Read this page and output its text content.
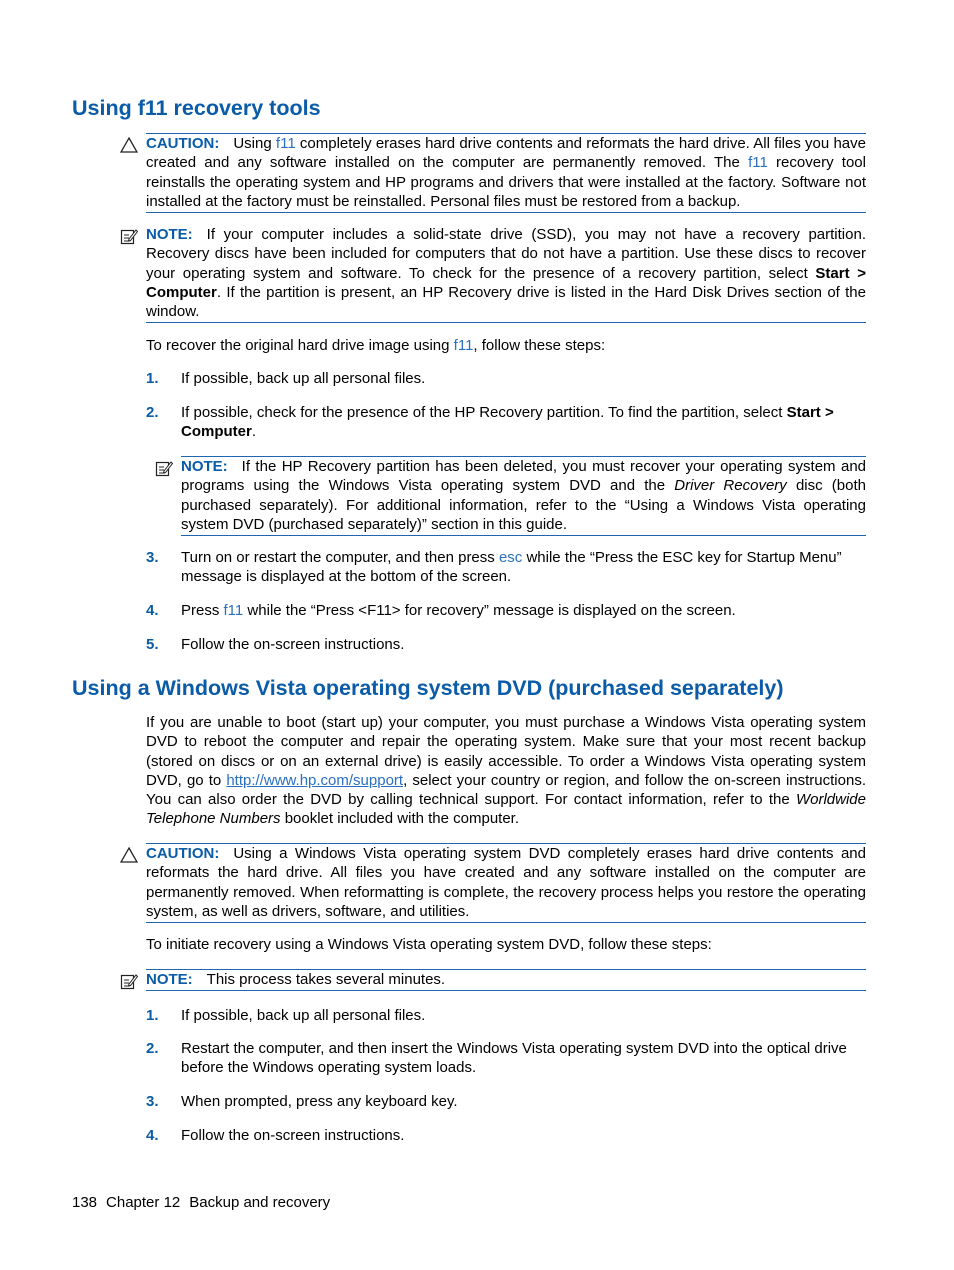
Using f11 recovery tools
CAUTION: Using f11 completely erases hard drive contents and reformats the hard drive. All files you have created and any software installed on the computer are permanently removed. The f11 recovery tool reinstalls the operating system and HP programs and drivers that were installed at the factory. Software not installed at the factory must be reinstalled. Personal files must be restored from a backup.
NOTE: If your computer includes a solid-state drive (SSD), you may not have a recovery partition. Recovery discs have been included for computers that do not have a partition. Use these discs to recover your operating system and software. To check for the presence of a recovery partition, select Start > Computer. If the partition is present, an HP Recovery drive is listed in the Hard Disk Drives section of the window.

To recover the original hard drive image using f11, follow these steps:

1. If possible, back up all personal files.
2. If possible, check for the presence of the HP Recovery partition. To find the partition, select Start > Computer.
NOTE: If the HP Recovery partition has been deleted, you must recover your operating system and programs using the Windows Vista operating system DVD and the Driver Recovery disc (both purchased separately). For additional information, refer to the “Using a Windows Vista operating system DVD (purchased separately)” section in this guide.
3. Turn on or restart the computer, and then press esc while the “Press the ESC key for Startup Menu” message is displayed at the bottom of the screen.
4. Press f11 while the “Press <F11> for recovery” message is displayed on the screen.
5. Follow the on-screen instructions.
Using a Windows Vista operating system DVD (purchased separately)

If you are unable to boot (start up) your computer, you must purchase a Windows Vista operating system DVD to reboot the computer and repair the operating system. Make sure that your most recent backup (stored on discs or on an external drive) is easily accessible. To order a Windows Vista operating system DVD, go to http://www.hp.com/support, select your country or region, and follow the on-screen instructions. You can also order the DVD by calling technical support. For contact information, refer to the Worldwide Telephone Numbers booklet included with the computer.

CAUTION: Using a Windows Vista operating system DVD completely erases hard drive contents and reformats the hard drive. All files you have created and any software installed on the computer are permanently removed. When reformatting is complete, the recovery process helps you restore the operating system, as well as drivers, software, and utilities.

To initiate recovery using a Windows Vista operating system DVD, follow these steps:

NOTE: This process takes several minutes.
1. If possible, back up all personal files.
2. Restart the computer, and then insert the Windows Vista operating system DVD into the optical drive before the Windows operating system loads.
3. When prompted, press any keyboard key.
4. Follow the on-screen instructions.
138 Chapter 12 Backup and recovery
